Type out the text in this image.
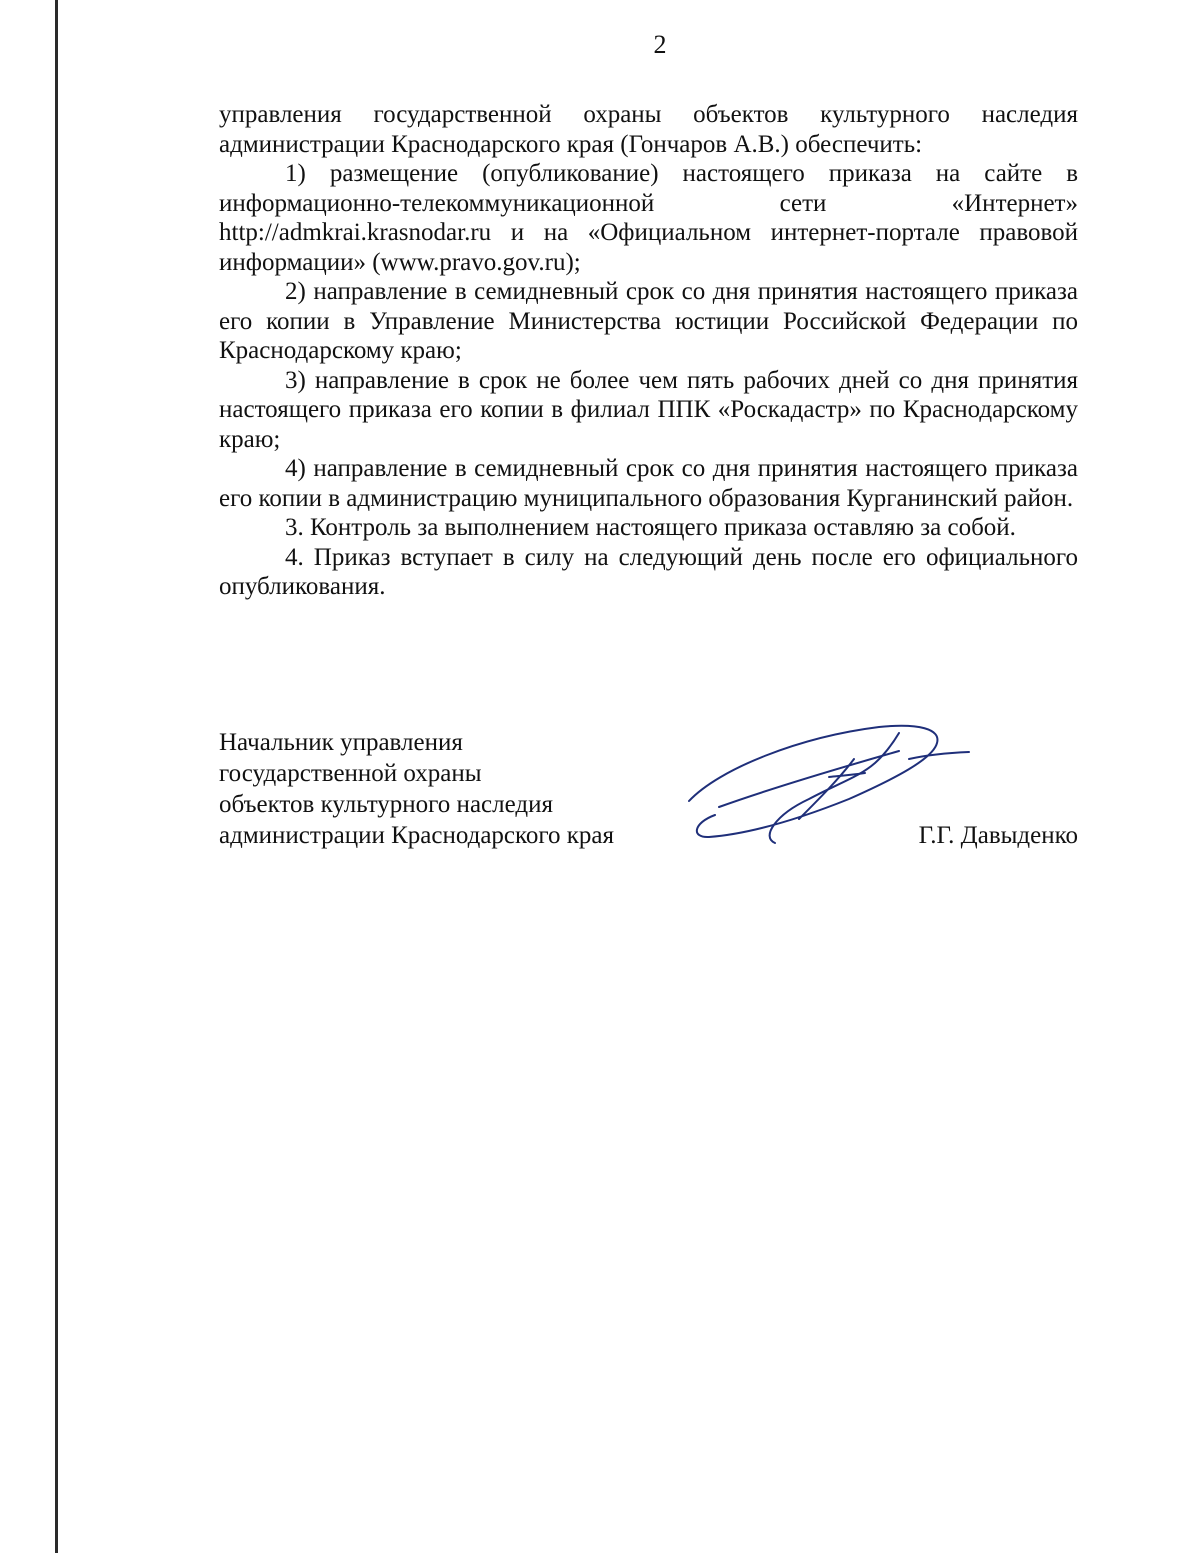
2

управления государственной охраны объектов культурного наследия администрации Краснодарского края (Гончаров А.В.) обеспечить:

1) размещение (опубликование) настоящего приказа на сайте в информационно-телекоммуникационной сети «Интернет» http://admkrai.krasnodar.ru и на «Официальном интернет-портале правовой информации» (www.pravo.gov.ru);

2) направление в семидневный срок со дня принятия настоящего приказа его копии в Управление Министерства юстиции Российской Федерации по Краснодарскому краю;

3) направление в срок не более чем пять рабочих дней со дня принятия настоящего приказа его копии в филиал ППК «Роскадастр» по Краснодарскому краю;

4) направление в семидневный срок со дня принятия настоящего приказа его копии в администрацию муниципального образования Курганинский район.

3. Контроль за выполнением настоящего приказа оставляю за собой.

4. Приказ вступает в силу на следующий день после его официального опубликования.

Начальник управления
государственной охраны
объектов культурного наследия
администрации Краснодарского края	Г.Г. Давыденко
